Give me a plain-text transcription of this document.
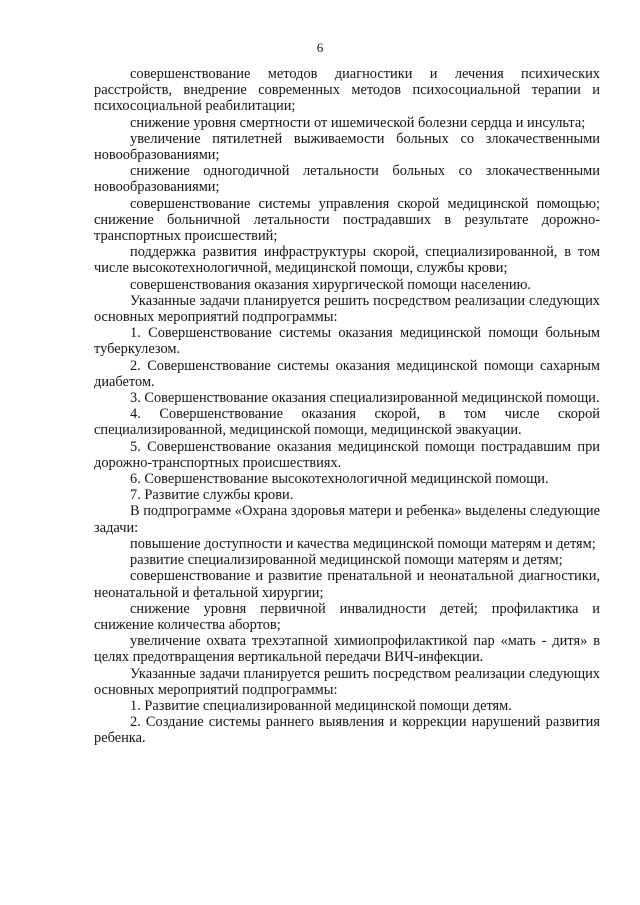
6

совершенствование методов диагностики и лечения психических расстройств, внедрение современных методов психосоциальной терапии и психосоциальной реабилитации;

снижение уровня смертности от ишемической болезни сердца и инсульта;

увеличение пятилетней выживаемости больных со злокачественными новообразованиями;

снижение одногодичной летальности больных со злокачественными новообразованиями;

совершенствование системы управления скорой медицинской помощью; снижение больничной летальности пострадавших в результате дорожно-транспортных происшествий;

поддержка развития инфраструктуры скорой, специализированной, в том числе высокотехнологичной, медицинской помощи, службы крови;

совершенствования оказания хирургической помощи населению.

Указанные задачи планируется решить посредством реализации следующих основных мероприятий подпрограммы:

1. Совершенствование системы оказания медицинской помощи больным туберкулезом.

2. Совершенствование системы оказания медицинской помощи сахарным диабетом.

3. Совершенствование оказания специализированной медицинской помощи.

4. Совершенствование оказания скорой, в том числе скорой специализированной, медицинской помощи, медицинской эвакуации.

5. Совершенствование оказания медицинской помощи пострадавшим при дорожно-транспортных происшествиях.

6. Совершенствование высокотехнологичной медицинской помощи.

7. Развитие службы крови.

В подпрограмме «Охрана здоровья матери и ребенка» выделены следующие задачи:

повышение доступности и качества медицинской помощи матерям и детям;

развитие специализированной медицинской помощи матерям и детям;

совершенствование и развитие пренатальной и неонатальной диагностики, неонатальной и фетальной хирургии;

снижение уровня первичной инвалидности детей; профилактика и снижение количества абортов;

увеличение охвата трехэтапной химиопрофилактикой пар «мать - дитя» в целях предотвращения вертикальной передачи ВИЧ-инфекции.

Указанные задачи планируется решить посредством реализации следующих основных мероприятий подпрограммы:

1. Развитие специализированной медицинской помощи детям.

2. Создание системы раннего выявления и коррекции нарушений развития ребенка.
